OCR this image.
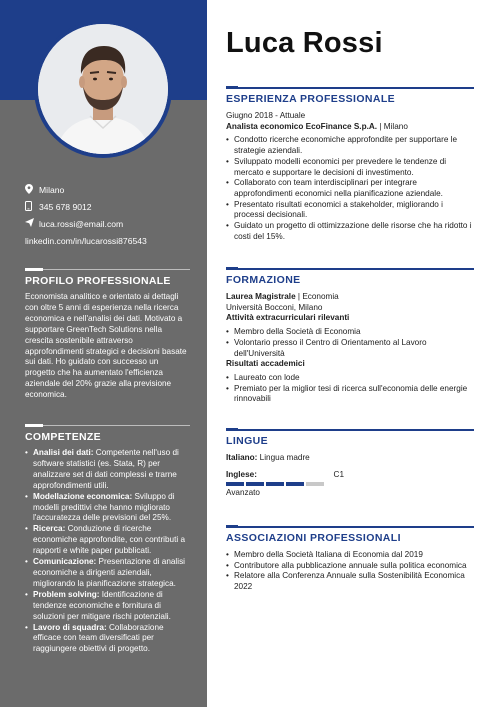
Milano
345 678 9012
luca.rossi@email.com
linkedin.com/in/lucarossi876543
PROFILO PROFESSIONALE
Economista analitico e orientato ai dettagli con oltre 5 anni di esperienza nella ricerca economica e nell'analisi dei dati. Motivato a supportare GreenTech Solutions nella crescita sostenibile attraverso approfondimenti strategici e decisioni basate sui dati. Ho guidato con successo un progetto che ha aumentato l'efficienza aziendale del 20% grazie alla previsione economica.
COMPETENZE
• Analisi dei dati: Competente nell'uso di software statistici (es. Stata, R) per analizzare set di dati complessi e trarne approfondimenti utili.
• Modellazione economica: Sviluppo di modelli predittivi che hanno migliorato l'accuratezza delle previsioni del 25%.
• Ricerca: Conduzione di ricerche economiche approfondite, con contributi a rapporti e white paper pubblicati.
• Comunicazione: Presentazione di analisi economiche a dirigenti aziendali, migliorando la pianificazione strategica.
• Problem solving: Identificazione di tendenze economiche e fornitura di soluzioni per mitigare rischi potenziali.
• Lavoro di squadra: Collaborazione efficace con team diversificati per raggiungere obiettivi di progetto.
Luca Rossi
ESPERIENZA PROFESSIONALE
Giugno 2018 - Attuale
Analista economico EcoFinance S.p.A. | Milano
• Condotto ricerche economiche approfondite per supportare le strategie aziendali.
• Sviluppato modelli economici per prevedere le tendenze di mercato e supportare le decisioni di investimento.
• Collaborato con team interdisciplinari per integrare approfondimenti economici nella pianificazione aziendale.
• Presentato risultati economici a stakeholder, migliorando i processi decisionali.
• Guidato un progetto di ottimizzazione delle risorse che ha ridotto i costi del 15%.
FORMAZIONE
Laurea Magistrale | Economia
Università Bocconi, Milano
Attività extracurriculari rilevanti
• Membro della Società di Economia
• Volontario presso il Centro di Orientamento al Lavoro dell'Università
Risultati accademici
• Laureato con lode
• Premiato per la miglior tesi di ricerca sull'economia delle energie rinnovabili
LINGUE
Italiano: Lingua madre
Inglese:	C1
Avanzato
ASSOCIAZIONI PROFESSIONALI
• Membro della Società Italiana di Economia dal 2019
• Contributore alla pubblicazione annuale sulla politica economica
• Relatore alla Conferenza Annuale sulla Sostenibilità Economica 2022
